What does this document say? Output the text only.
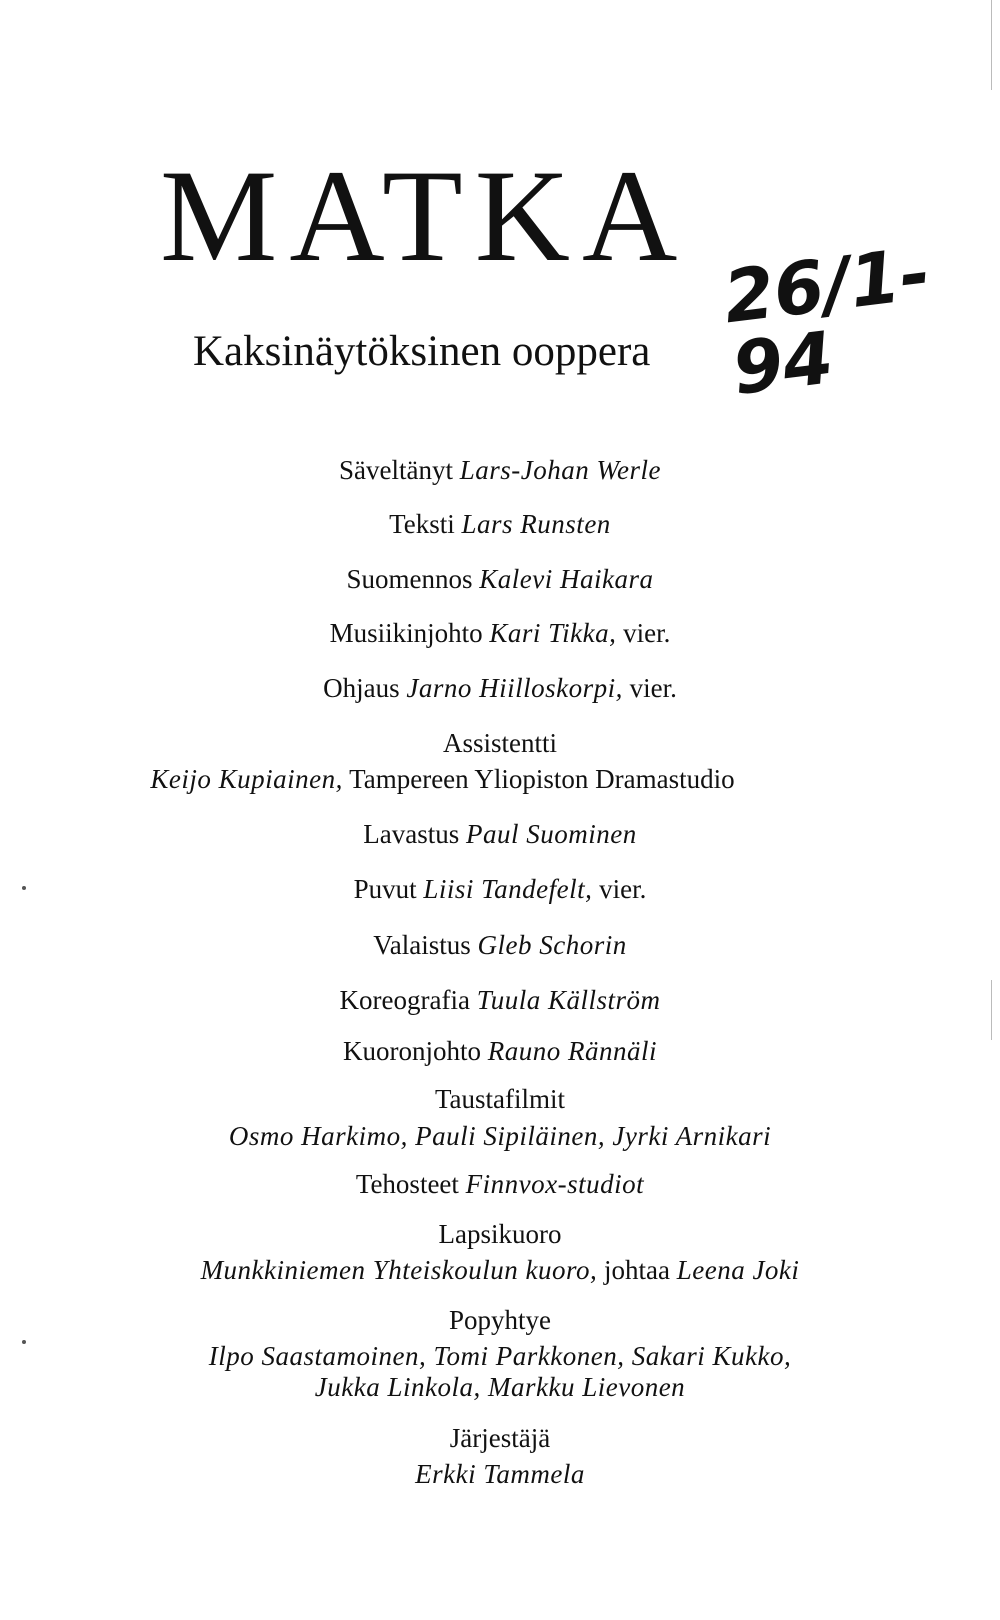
MATKA
Kaksinäytöksinen ooppera
26/1-94
Säveltänyt Lars-Johan Werle
Teksti Lars Runsten
Suomennos Kalevi Haikara
Musiikinjohto Kari Tikka, vier.
Ohjaus Jarno Hiilloskorpi, vier.
Assistentti
Keijo Kupiainen, Tampereen Yliopiston Dramastudio
Lavastus Paul Suominen
Puvut Liisi Tandefelt, vier.
Valaistus Gleb Schorin
Koreografia Tuula Källström
Kuoronjohto Rauno Rännäli
Taustafilmit
Osmo Harkimo, Pauli Sipiläinen, Jyrki Arnikari
Tehosteet Finnvox-studiot
Lapsikuoro
Munkkiniemen Yhteiskoulun kuoro, johtaa Leena Joki
Popyhtye
Ilpo Saastamoinen, Tomi Parkkonen, Sakari Kukko,
Jukka Linkola, Markku Lievonen
Järjestäjä
Erkki Tammela
